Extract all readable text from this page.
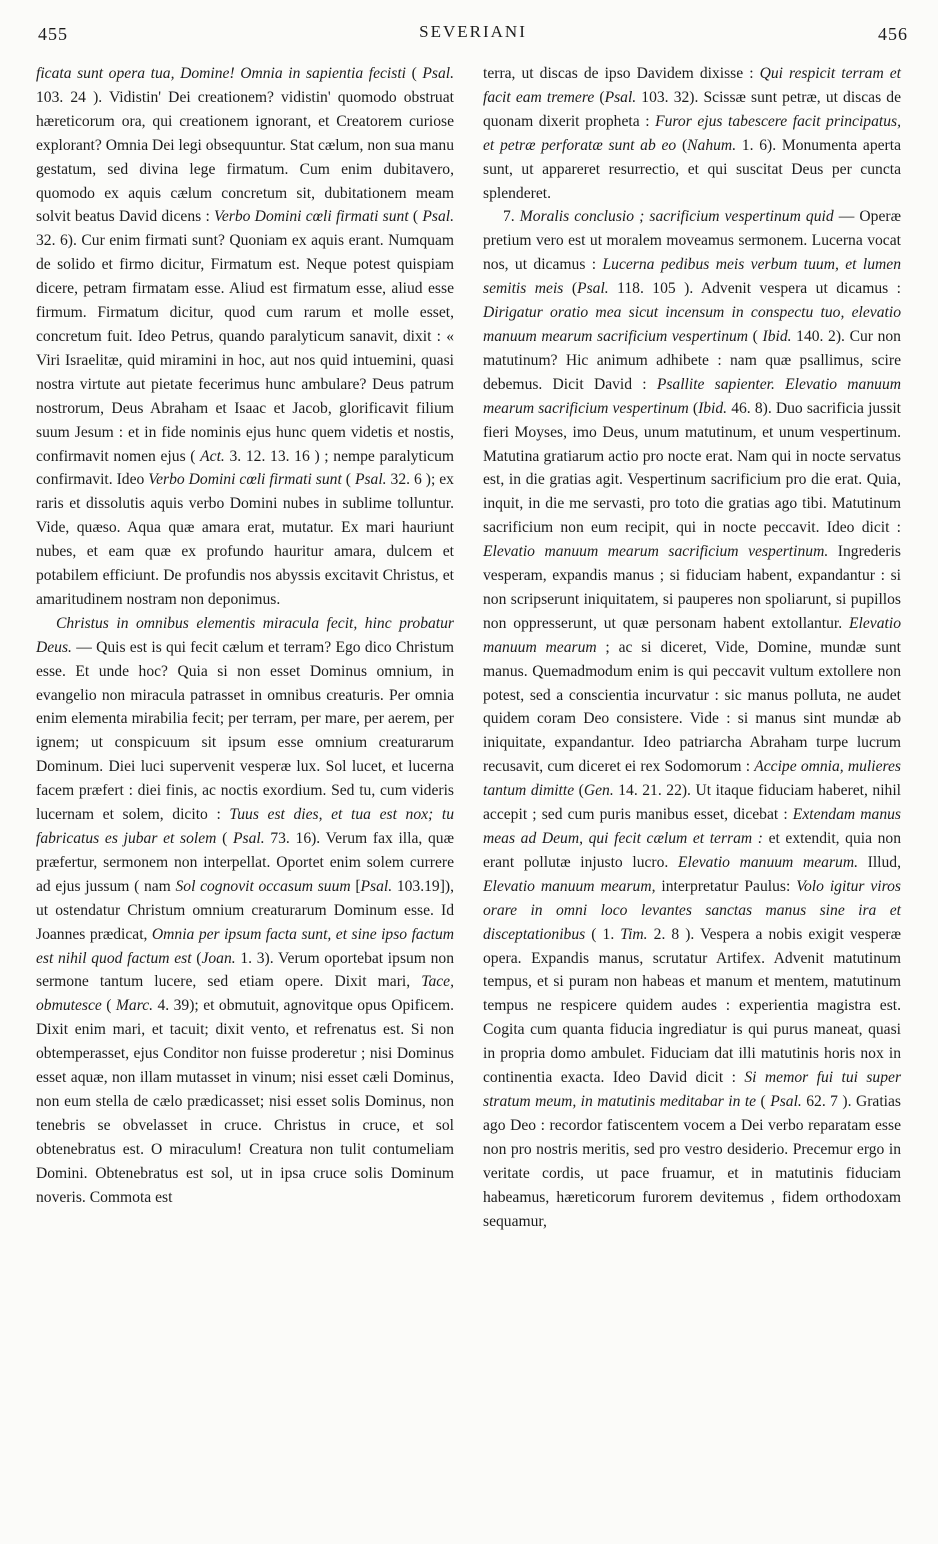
455	SEVERIANI	456

ficata sunt opera tua, Domine! Omnia in sapientia fecisti ( Psal. 103. 24 ). Vidistin' Dei creationem? vidistin' quomodo obstruat hæreticorum ora, qui creationem ignorant, et Creatorem curiose explorant? Omnia Dei legi obsequuntur. Stat cælum, non sua manu gestatum, sed divina lege firmatum. Cum enim dubitavero, quomodo ex aquis cælum concretum sit, dubitationem meam solvit beatus David dicens : Verbo Domini cœli firmati sunt ( Psal. 32. 6). Cur enim firmati sunt? Quoniam ex aquis erant. Numquam de solido et firmo dicitur, Firmatum est. Neque potest quispiam dicere, petram firmatam esse. Aliud est firmatum esse, aliud esse firmum. Firmatum dicitur, quod cum rarum et molle esset, concretum fuit. Ideo Petrus, quando paralyticum sanavit, dixit : « Viri Israelitæ, quid miramini in hoc, aut nos quid intuemini, quasi nostra virtute aut pietate fecerimus hunc ambulare? Deus patrum nostrorum, Deus Abraham et Isaac et Jacob, glorificavit filium suum Jesum : et in fide nominis ejus hunc quem videtis et nostis, confirmavit nomen ejus ( Act. 3. 12. 13. 16 ) ; nempe paralyticum confirmavit. Ideo Verbo Domini cœli firmati sunt ( Psal. 32. 6 ); ex raris et dissolutis aquis verbo Domini nubes in sublime tolluntur. Vide, quæso. Aqua quæ amara erat, mutatur. Ex mari hauriunt nubes, et eam quæ ex profundo hauritur amara, dulcem et potabilem efficiunt. De profundis nos abyssis excitavit Christus, et amaritudinem nostram non deponimus.

Christus in omnibus elementis miracula fecit, hinc probatur Deus. — Quis est is qui fecit cælum et terram? Ego dico Christum esse. Et unde hoc? Quia si non esset Dominus omnium, in evangelio non miracula patrasset in omnibus creaturis. Per omnia enim elementa mirabilia fecit; per terram, per mare, per aerem, per ignem; ut conspicuum sit ipsum esse omnium creaturarum Dominum. Diei luci supervenit vesperæ lux. Sol lucet, et lucerna facem præfert : diei finis, ac noctis exordium. Sed tu, cum videris lucernam et solem, dicito : Tuus est dies, et tua est nox; tu fabricatus es jubar et solem ( Psal. 73. 16). Verum fax illa, quæ præfertur, sermonem non interpellat. Oportet enim solem currere ad ejus jussum ( nam Sol cognovit occasum suum [Psal. 103.19]), ut ostendatur Christum omnium creaturarum Dominum esse. Id Joannes prædicat, Omnia per ipsum facta sunt, et sine ipso factum est nihil quod factum est (Joan. 1. 3). Verum oportebat ipsum non sermone tantum lucere, sed etiam opere. Dixit mari, Tace, obmutesce ( Marc. 4. 39); et obmutuit, agnovitque opus Opificem. Dixit enim mari, et tacuit; dixit vento, et refrenatus est. Si non obtemperasset, ejus Conditor non fuisse proderetur ; nisi Dominus esset aquæ, non illam mutasset in vinum; nisi esset cæli Dominus, non eum stella de cælo prædicasset; nisi esset solis Dominus, non tenebris se obvelasset in cruce. Christus in cruce, et sol obtenebratus est. O miraculum! Creatura non tulit contumeliam Domini. Obtenebratus est sol, ut in ipsa cruce solis Dominum noveris. Commota est

terra, ut discas de ipso Davidem dixisse : Qui respicit terram et facit eam tremere (Psal. 103. 32). Scissæ sunt petræ, ut discas de quonam dixerit propheta : Furor ejus tabescere facit principatus, et petræ perforatæ sunt ab eo (Nahum. 1. 6). Monumenta aperta sunt, ut appareret resurrectio, et qui suscitat Deus per cuncta splenderet.

7. Moralis conclusio ; sacrificium vespertinum quid — Operæ pretium vero est ut moralem moveamus sermonem. Lucerna vocat nos, ut dicamus : Lucerna pedibus meis verbum tuum, et lumen semitis meis (Psal. 118. 105 ). Advenit vespera ut dicamus : Dirigatur oratio mea sicut incensum in conspectu tuo, elevatio manuum mearum sacrificium vespertinum ( Ibid. 140. 2). Cur non matutinum? Hic animum adhibete : nam quæ psallimus, scire debemus. Dicit David : Psallite sapienter. Elevatio manuum mearum sacrificium vespertinum (Ibid. 46. 8). Duo sacrificia jussit fieri Moyses, imo Deus, unum matutinum, et unum vespertinum. Matutina gratiarum actio pro nocte erat. Nam qui in nocte servatus est, in die gratias agit. Vespertinum sacrificium pro die erat. Quia, inquit, in die me servasti, pro toto die gratias ago tibi. Matutinum sacrificium non eum recipit, qui in nocte peccavit. Ideo dicit : Elevatio manuum mearum sacrificium vespertinum. Ingrederis vesperam, expandis manus ; si fiduciam habent, expandantur : si non scripserunt iniquitatem, si pauperes non spoliarunt, si pupillos non oppresserunt, ut quæ personam habent extollantur. Elevatio manuum mearum ; ac si diceret, Vide, Domine, mundæ sunt manus. Quemadmodum enim is qui peccavit vultum extollere non potest, sed a conscientia incurvatur : sic manus polluta, ne audet quidem coram Deo consistere. Vide : si manus sint mundæ ab iniquitate, expandantur. Ideo patriarcha Abraham turpe lucrum recusavit, cum diceret ei rex Sodomorum : Accipe omnia, mulieres tantum dimitte (Gen. 14. 21. 22). Ut itaque fiduciam haberet, nihil accepit ; sed cum puris manibus esset, dicebat : Extendam manus meas ad Deum, qui fecit cælum et terram : et extendit, quia non erant pollutæ injusto lucro. Elevatio manuum mearum. Illud, Elevatio manuum mearum, interpretatur Paulus: Volo igitur viros orare in omni loco levantes sanctas manus sine ira et disceptationibus ( 1. Tim. 2. 8 ). Vespera a nobis exigit vesperæ opera. Expandis manus, scrutatur Artifex. Advenit matutinum tempus, et si puram non habeas et manum et mentem, matutinum tempus ne respicere quidem audes : experientia magistra est. Cogita cum quanta fiducia ingrediatur is qui purus maneat, quasi in propria domo ambulet. Fiduciam dat illi matutinis horis nox in continentia exacta. Ideo David dicit : Si memor fui tui super stratum meum, in matutinis meditabar in te ( Psal. 62. 7 ). Gratias ago Deo : recordor fatiscentem vocem a Dei verbo reparatam esse non pro nostris meritis, sed pro vestro desiderio. Precemur ergo in veritate cordis, ut pace fruamur, et in matutinis fiduciam habeamus, hæreticorum furorem devitemus , fidem orthodoxam sequamur,
